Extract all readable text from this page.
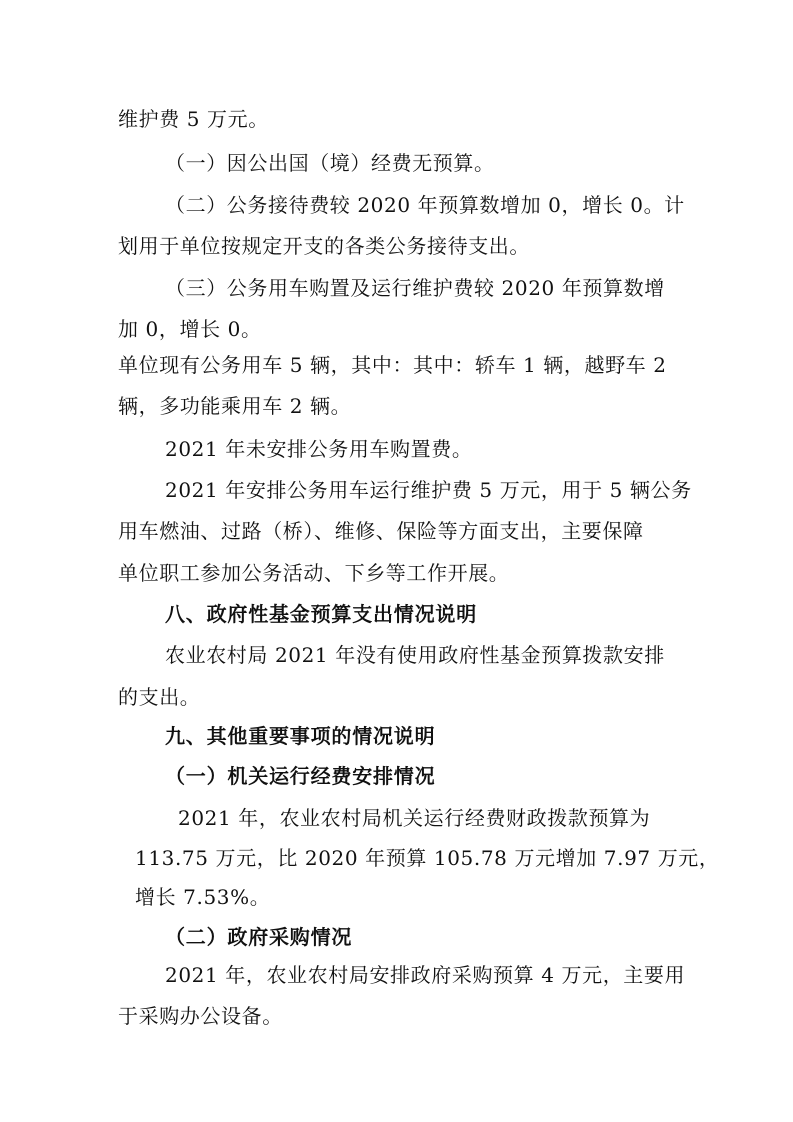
维护费 5 万元。
（一）因公出国（境）经费无预算。
（二）公务接待费较 2020 年预算数增加 0，增长 0。计
划用于单位按规定开支的各类公务接待支出。
（三）公务用车购置及运行维护费较 2020 年预算数增
加 0，增长 0。
单位现有公务用车 5 辆，其中：其中：轿车 1 辆，越野车 2
辆，多功能乘用车 2 辆。
2021 年未安排公务用车购置费。
2021 年安排公务用车运行维护费 5 万元，用于 5 辆公务
用车燃油、过路（桥）、维修、保险等方面支出，主要保障
单位职工参加公务活动、下乡等工作开展。
八、政府性基金预算支出情况说明
农业农村局 2021 年没有使用政府性基金预算拨款安排
的支出。
九、其他重要事项的情况说明
（一）机关运行经费安排情况
2021 年，农业农村局机关运行经费财政拨款预算为
113.75 万元，比 2020 年预算 105.78 万元增加 7.97 万元，
增长 7.53%。
（二）政府采购情况
2021 年，农业农村局安排政府采购预算 4 万元，主要用
于采购办公设备。
